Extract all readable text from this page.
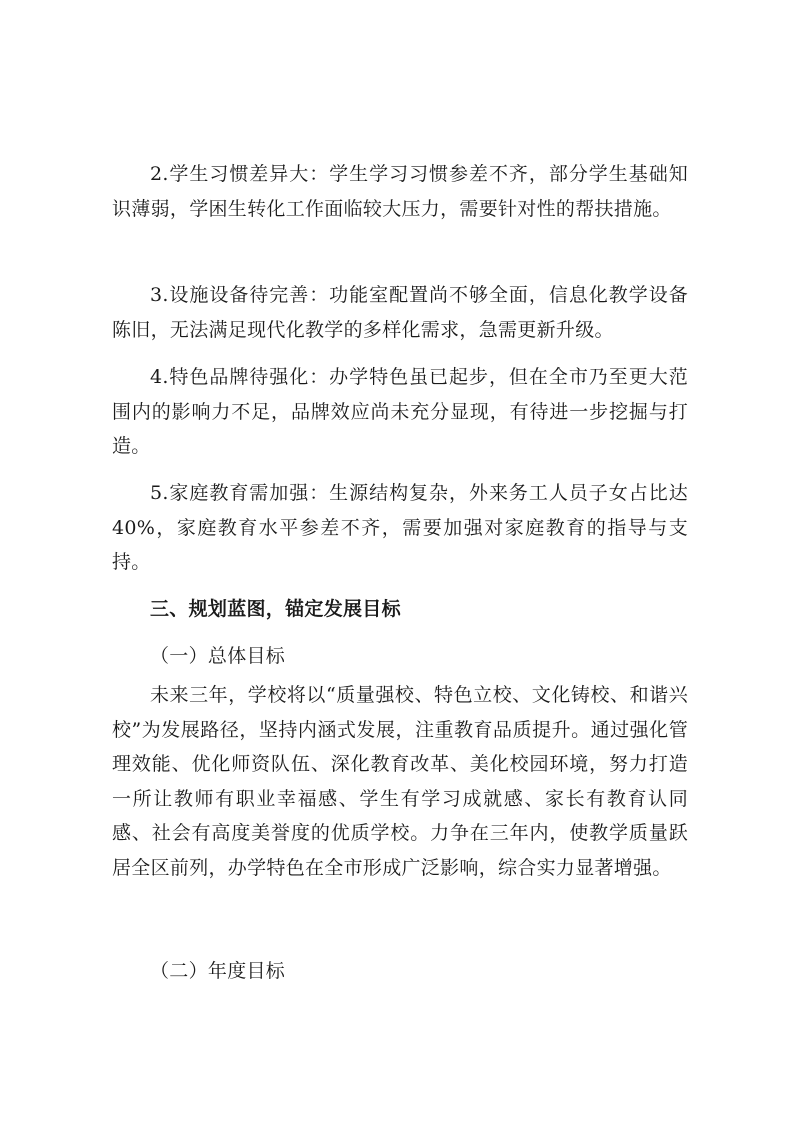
2.学生习惯差异大：学生学习习惯参差不齐，部分学生基础知识薄弱，学困生转化工作面临较大压力，需要针对性的帮扶措施。

3.设施设备待完善：功能室配置尚不够全面，信息化教学设备陈旧，无法满足现代化教学的多样化需求，急需更新升级。

4.特色品牌待强化：办学特色虽已起步，但在全市乃至更大范围内的影响力不足，品牌效应尚未充分显现，有待进一步挖掘与打造。

5.家庭教育需加强：生源结构复杂，外来务工人员子女占比达 40%，家庭教育水平参差不齐，需要加强对家庭教育的指导与支持。

三、规划蓝图，锚定发展目标

（一）总体目标

未来三年，学校将以“质量强校、特色立校、文化铸校、和谐兴校”为发展路径，坚持内涵式发展，注重教育品质提升。通过强化管理效能、优化师资队伍、深化教育改革、美化校园环境，努力打造一所让教师有职业幸福感、学生有学习成就感、家长有教育认同感、社会有高度美誉度的优质学校。力争在三年内，使教学质量跃居全区前列，办学特色在全市形成广泛影响，综合实力显著增强。

（二）年度目标
